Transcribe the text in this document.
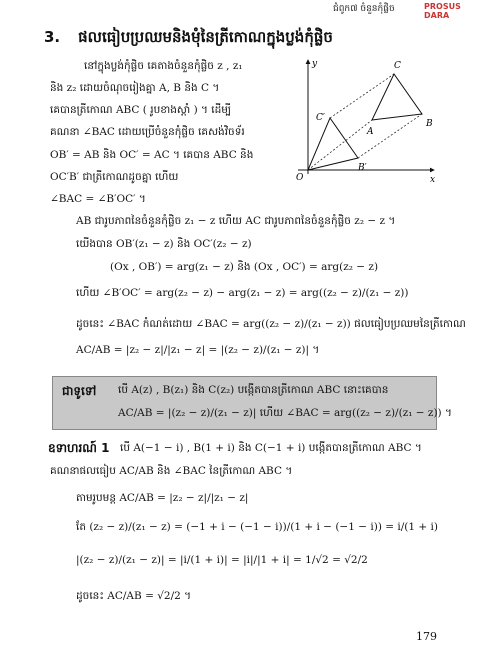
ជំពូក៧ ចំនួនកុំផ្លិច	PROSUS DARA
3. ផលធៀបប្រឈមនិងមុំនៃត្រីកោណក្នុងប្លង់កុំផ្លិច
នៅក្នុងប្លង់កុំផ្លិច គេតាងចំនួនកុំផ្លិច z , z₁
និង z₂ ដោយចំណុចរៀងគ្នា A, B និង C ។
គេបានត្រីកោណ ABC ( រូបខាងស្តាំ ) ។ ដើម្បី
គណនា ∠BAC ដោយប្រើចំនួនកុំផ្លិច គេសង់វិចទ័រ
OB′ = AB និង OC′ = AC ។ គេបាន ABC និង
OC′B′ ជាត្រីកោណដូចគ្នា ហើយ
∠BAC = ∠B′OC′ ។
AB ជារូបភាពនៃចំនួនកុំផ្លិច z₁ − z ហើយ AC ជារូបភាពនៃចំនួនកុំផ្លិច z₂ − z ។
យើងបាន OB′(z₁ − z) និង OC′(z₂ − z)
(Ox , OB′) = arg(z₁ − z) និង (Ox , OC′) = arg(z₂ − z)
ហើយ ∠B′OC′ = arg(z₂ − z) − arg(z₁ − z) = arg((z₂ − z)/(z₁ − z))
ដូចនេះ ∠BAC កំណត់ដោយ ∠BAC = arg((z₂ − z)/(z₁ − z)) ផលធៀបប្រឈមនៃត្រីកោណ
AC/AB = |z₂ − z|/|z₁ − z| = |(z₂ − z)/(z₁ − z)| ។
y
x
O
A
B
C
B′
C′
ជាទូទៅ បើ A(z) , B(z₁) និង C(z₂) បង្កើតបានត្រីកោណ ABC នោះគេបាន
AC/AB = |(z₂ − z)/(z₁ − z)| ហើយ ∠BAC = arg((z₂ − z)/(z₁ − z)) ។
ឧទាហរណ៍ 1 បើ A(−1 − i) , B(1 + i) និង C(−1 + i) បង្កើតបានត្រីកោណ ABC ។
គណនាផលធៀប AC/AB និង ∠BAC នៃត្រីកោណ ABC ។
តាមរូបមន្ត AC/AB = |z₂ − z|/|z₁ − z|
តែ (z₂ − z)/(z₁ − z) = (−1 + i − (−1 − i))/(1 + i − (−1 − i)) = i/(1 + i)
|(z₂ − z)/(z₁ − z)| = |i/(1 + i)| = |i|/|1 + i| = 1/√2 = √2/2
ដូចនេះ AC/AB = √2/2 ។
179
